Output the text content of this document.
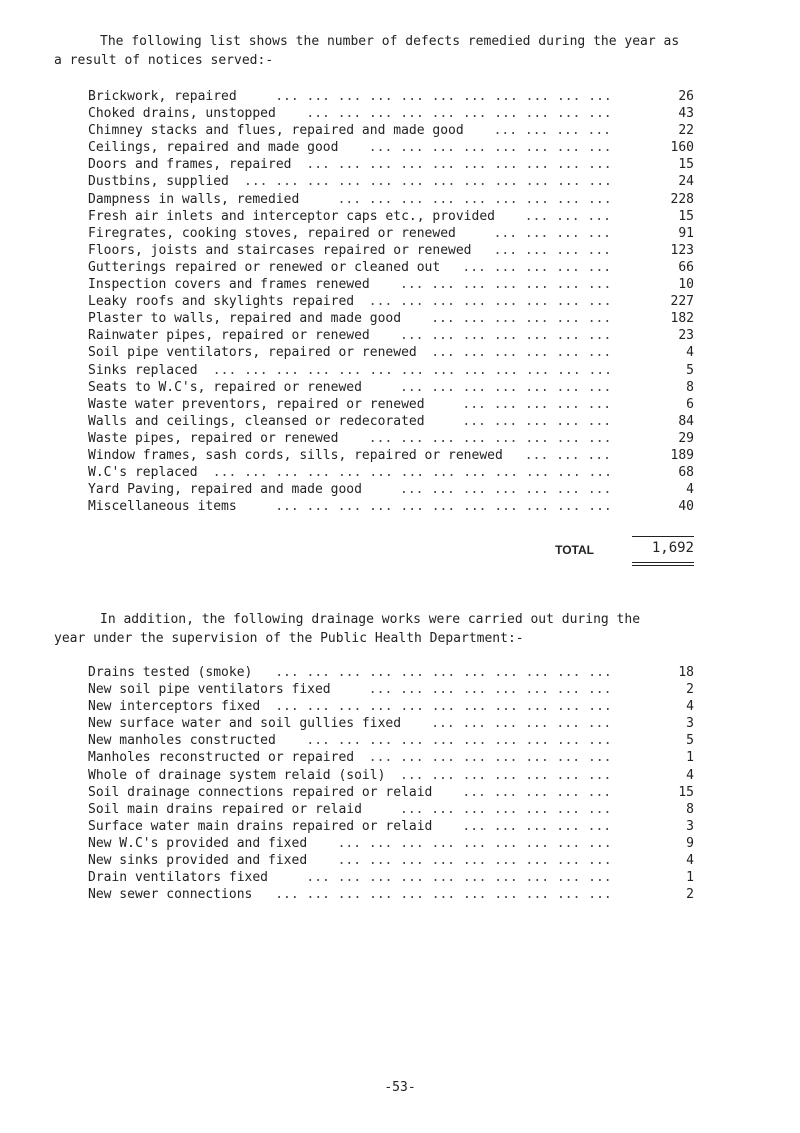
The following list shows the number of defects remedied during the year as
a result of notices served:-

Brickwork, repaired	... ... ... ... ... ... ... ... ... ... ...	26
Choked drains, unstopped ... ... ... ... ... ... ... ... ... ...	43
Chimney stacks and flues, repaired and made good ... ... ... ...	22
Ceilings, repaired and made good ... ... ... ... ... ... ... ...	160
Doors and frames, repaired ... ... ... ... ... ... ... ... ... ...	15
Dustbins, supplied ... ... ... ... ... ... ... ... ... ... ... ...	24
Dampness in walls, remedied	... ... ... ... ... ... ... ... ...	228
Fresh air inlets and interceptor caps etc., provided ... ... ...	15
Firegrates, cooking stoves, repaired or renewed	... ... ... ...	91
Floors, joists and staircases repaired or renewed ... ... ... ...	123
Gutterings repaired or renewed or cleaned out ... ... ... ... ...	66
Inspection covers and frames renewed ... ... ... ... ... ... ...	10
Leaky roofs and skylights repaired ... ... ... ... ... ... ... ...	227
Plaster to walls, repaired and made good ... ... ... ... ... ...	182
Rainwater pipes, repaired or renewed ... ... ... ... ... ... ...	23
Soil pipe ventilators, repaired or renewed ... ... ... ... ... ...	4
Sinks replaced ... ... ... ... ... ... ... ... ... ... ... ... ...	5
Seats to W.C's, repaired or renewed	... ... ... ... ... ... ...	8
Waste water preventors, repaired or renewed	... ... ... ... ...	6
Walls and ceilings, cleansed or redecorated	... ... ... ... ...	84
Waste pipes, repaired or renewed ... ... ... ... ... ... ... ...	29
Window frames, sash cords, sills, repaired or renewed ... ... ...	189
W.C's replaced ... ... ... ... ... ... ... ... ... ... ... ... ...	68
Yard Paving, repaired and made good	... ... ... ... ... ... ...	4
Miscellaneous items	... ... ... ... ... ... ... ... ... ... ...	40
TOTAL	1,692

In addition, the following drainage works were carried out during the
year under the supervision of the Public Health Department:-

Drains tested (smoke) ... ... ... ... ... ... ... ... ... ... ...	18
New soil pipe ventilators fixed	... ... ... ... ... ... ... ...	2
New interceptors fixed ... ... ... ... ... ... ... ... ... ... ...	4
New surface water and soil gullies fixed ... ... ... ... ... ...	3
New manholes constructed ... ... ... ... ... ... ... ... ... ...	5
Manholes reconstructed or repaired ... ... ... ... ... ... ... ...	1
Whole of drainage system relaid (soil) ... ... ... ... ... ... ...	4
Soil drainage connections repaired or relaid ... ... ... ... ...	15
Soil main drains repaired or relaid	... ... ... ... ... ... ...	8
Surface water main drains repaired or relaid ... ... ... ... ...	3
New W.C's provided and fixed ... ... ... ... ... ... ... ... ...	9
New sinks provided and fixed ... ... ... ... ... ... ... ... ...	4
Drain ventilators fixed	... ... ... ... ... ... ... ... ... ...	1
New sewer connections ... ... ... ... ... ... ... ... ... ... ...	2
-53-
